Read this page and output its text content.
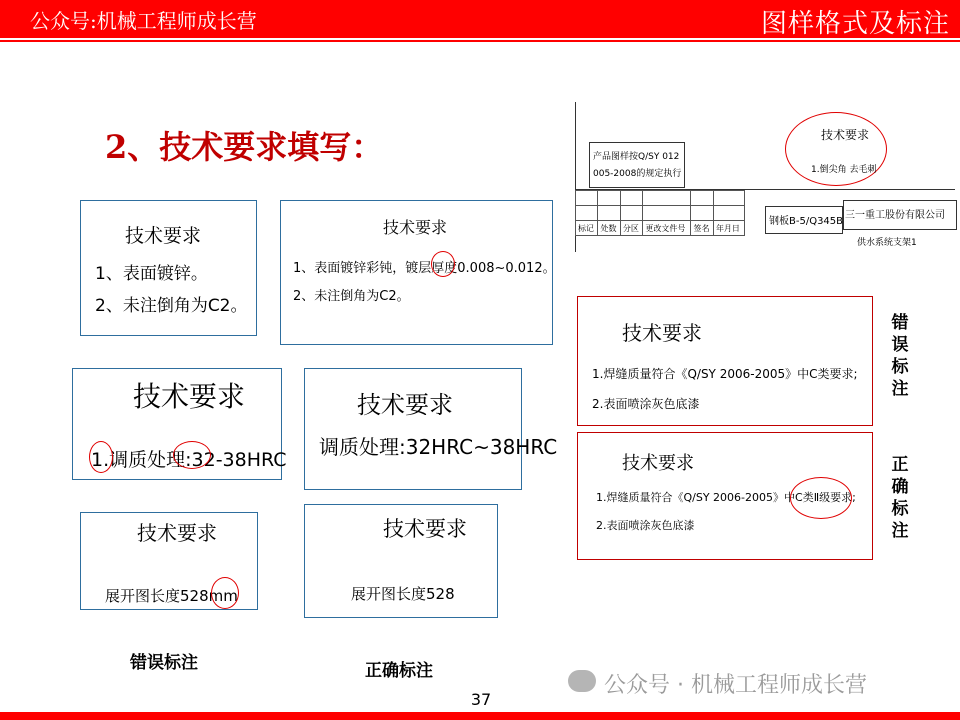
公众号:机械工程师成长营	图样格式及标注
2、技术要求填写：
技术要求
1、表面镀锌。
2、未注倒角为C2。
技术要求
1、表面镀锌彩钝，镀层厚度0.008~0.012。
2、未注倒角为C2。
技术要求
1.调质处理:32-38HRC
技术要求
调质处理:32HRC~38HRC
技术要求
展开图长度528mm
技术要求
展开图长度528
错误标注	正确标注
产品图样按Q/SY 012
005-2008的规定执行
技术要求
1.倒尖角 去毛刺

标记	处数	分区	更改文件号	签名	年月日
钢板B-5/Q345B
三一重工股份有限公司
供水系统支架1
技术要求
1.焊缝质量符合《Q/SY 2006-2005》中C类要求;
2.表面喷涂灰色底漆
技术要求
1.焊缝质量符合《Q/SY 2006-2005》中C类Ⅱ级要求;
2.表面喷涂灰色底漆
错误标注
正确标注
公众号 · 机械工程师成长营
37
